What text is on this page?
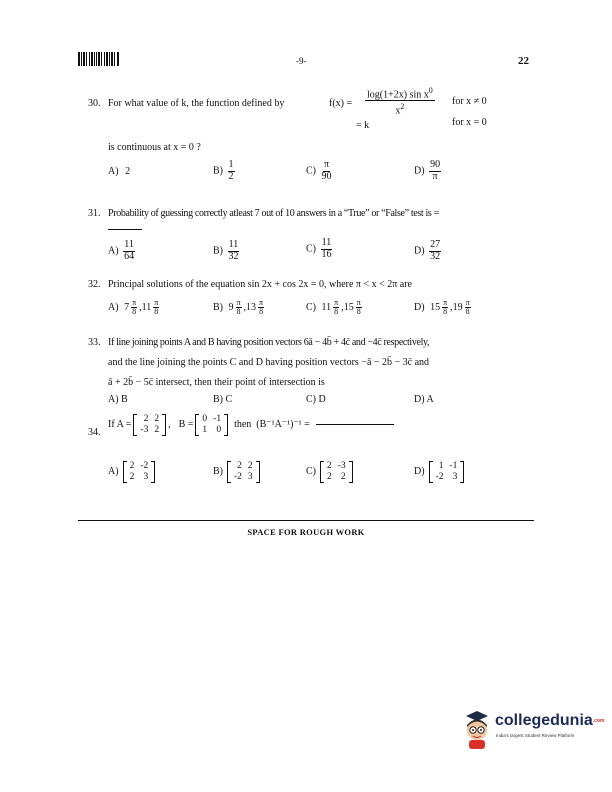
-9-	22
30. For what value of k, the function defined by	f(x) =
log(1+2x) $\sin x^0$
$x^2$	for x ≠ 0
= k	for x = 0
is continuous at x = 0 ?
A) 2	$B) \frac{1}{2}$	$C) \frac{\pi}{90}$	$D) \frac{90}{\pi}$
31. Probability of guessing correctly atleast 7 out of 10 answers in a “True” or “False” test is =
$A) \frac{11}{64}$	$B) \frac{11}{32}$	$C) \frac{11}{16}$	$D) \frac{27}{32}$
32. Principal solutions of the equation sin 2x + cos 2x = 0, where π < x < 2π are
A) $7 \frac{\pi}{8} ,11 \frac{\pi}{8}$	B) $9 \frac{\pi}{8} ,13 \frac{\pi}{8}$	C) $11 \frac{\pi}{8} ,15 \frac{\pi}{8}$	D) $15 \frac{\pi}{8} ,19 \frac{\pi}{8}$
33. If line joining points A and B having position vectors 6ā − 4b̄ + 4c̄ and −4c̄ respectively,
and the line joining the points C and D having position vectors −ā − 2b̄ − 3c̄ and
ā + 2b̄ − 5c̄ intersect, then their point of intersection is
A) B	B) C	C) D	D) A
34.
If A =
2	2
-3	2 , B =
0	-1
1	0 then (B⁻¹A⁻¹)⁻¹ =
A)
2	-2
2	3	B)
2	2
-2	3	C)
2	-3
2	2	D)
1	-1
-2	3
SPACE FOR ROUGH WORK
collegedunia.com
India's largest Student Review Platform
